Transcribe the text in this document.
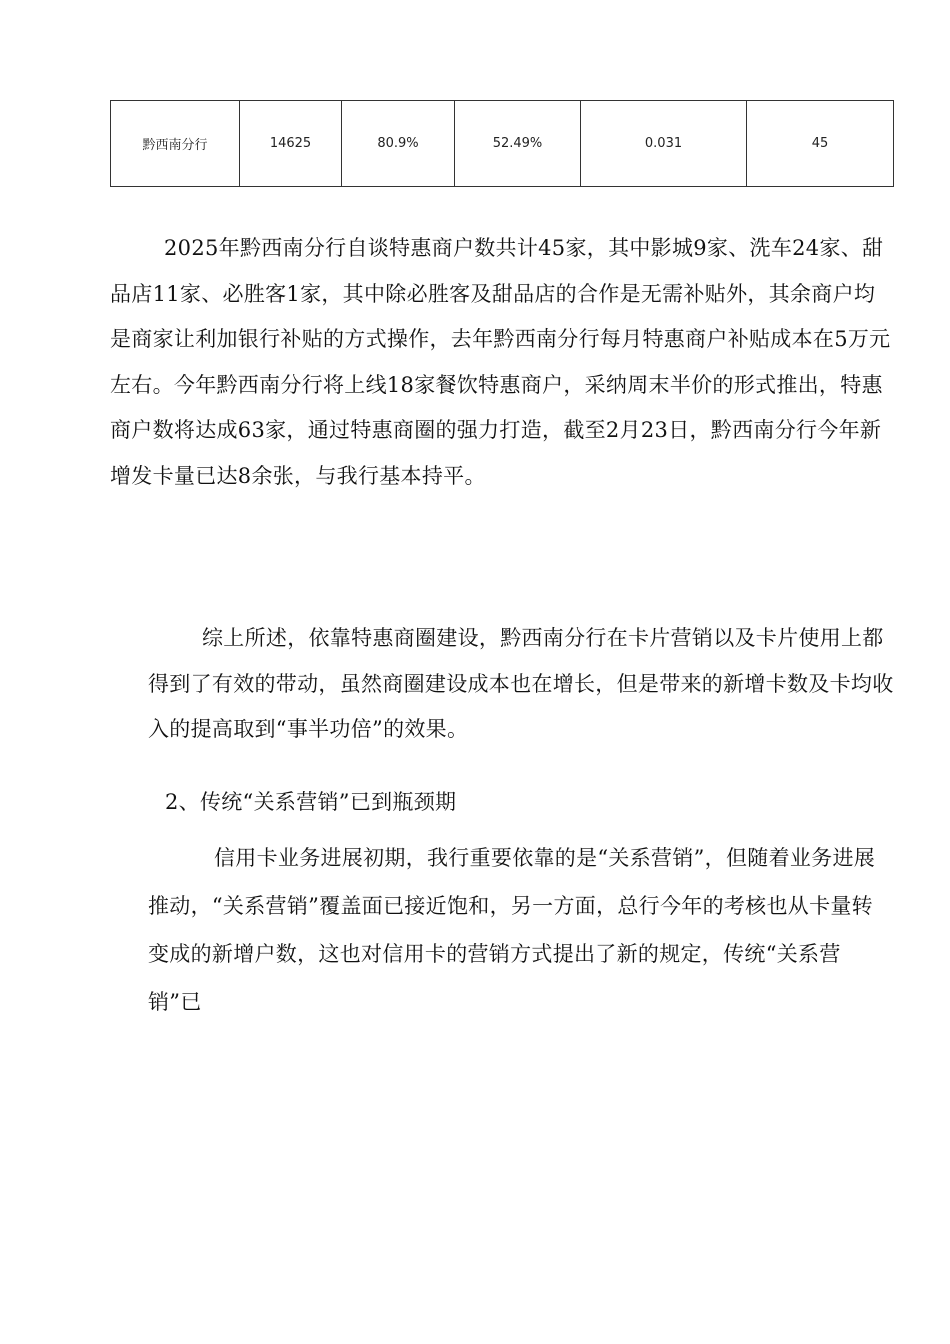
黔西南分行	14625	80.9%	52.49%	0.031	45

2025年黔西南分行自谈特惠商户数共计45家，其中影城9家、洗车24家、甜品店11家、必胜客1家，其中除必胜客及甜品店的合作是无需补贴外，其余商户均是商家让利加银行补贴的方式操作，去年黔西南分行每月特惠商户补贴成本在5万元左右。今年黔西南分行将上线18家餐饮特惠商户，采纳周末半价的形式推出，特惠商户数将达成63家，通过特惠商圈的强力打造，截至2月23日，黔西南分行今年新增发卡量已达8余张，与我行基本持平。

综上所述，依靠特惠商圈建设，黔西南分行在卡片营销以及卡片使用上都得到了有效的带动，虽然商圈建设成本也在增长，但是带来的新增卡数及卡均收入的提高取到“事半功倍”的效果。

2、传统“关系营销”已到瓶颈期

信用卡业务进展初期，我行重要依靠的是“关系营销”，但随着业务进展推动，“关系营销”覆盖面已接近饱和，另一方面，总行今年的考核也从卡量转变成的新增户数，这也对信用卡的营销方式提出了新的规定，传统“关系营销”已
